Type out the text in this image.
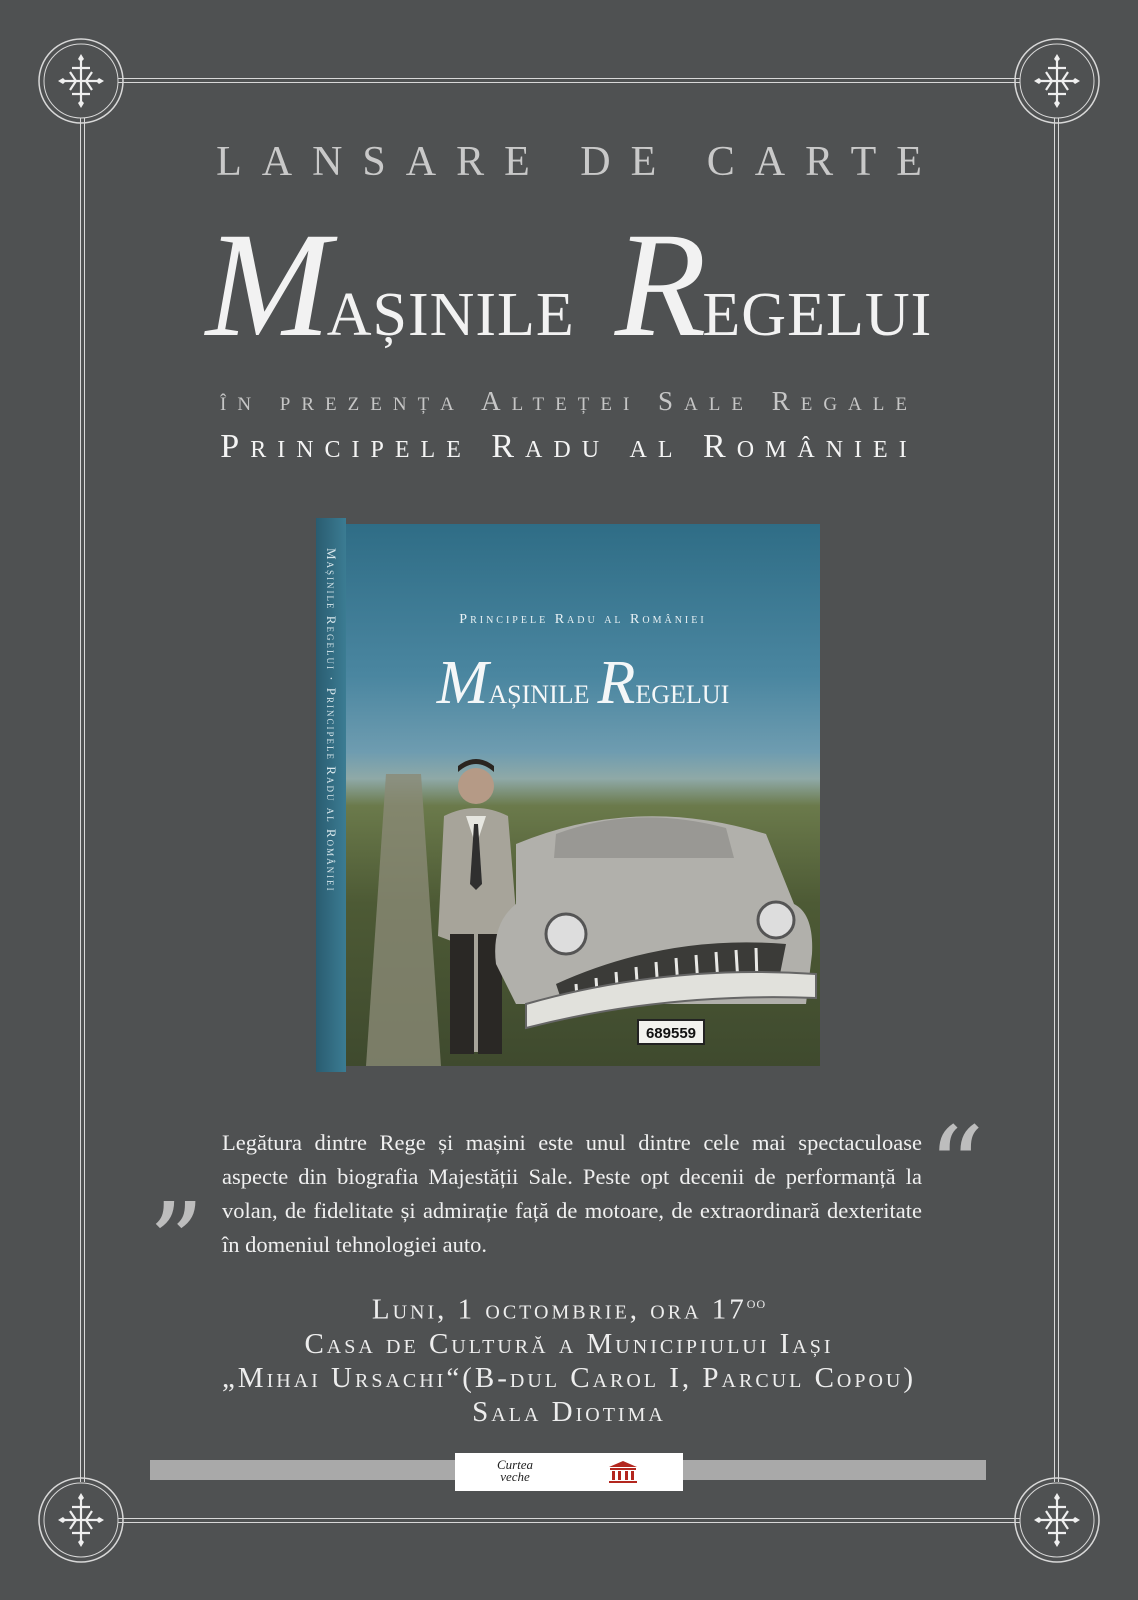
LANSARE DE CARTE
MAȘINILE REGELUI
în prezența Alteței Sale Regale
Principele Radu al României
Mașinile Regelui · Principele Radu al României	Principele Radu al României
MAȘINILE REGELUI
689559
“
Legătura dintre Rege și mașini este unul dintre cele mai spectaculoase aspecte din biografia Majestății Sale. Peste opt decenii de performanță la volan, de fidelitate și admirație față de motoare, de extraordinară dexteritate în domeniul tehnologiei auto.
”
Luni, 1 octombrie, ora $17^{oo}$
Casa de Cultură a Municipiului Iași
„Mihai Ursachi“(B-dul Carol I, Parcul Copou)
Sala Diotima
Curtea
veche
